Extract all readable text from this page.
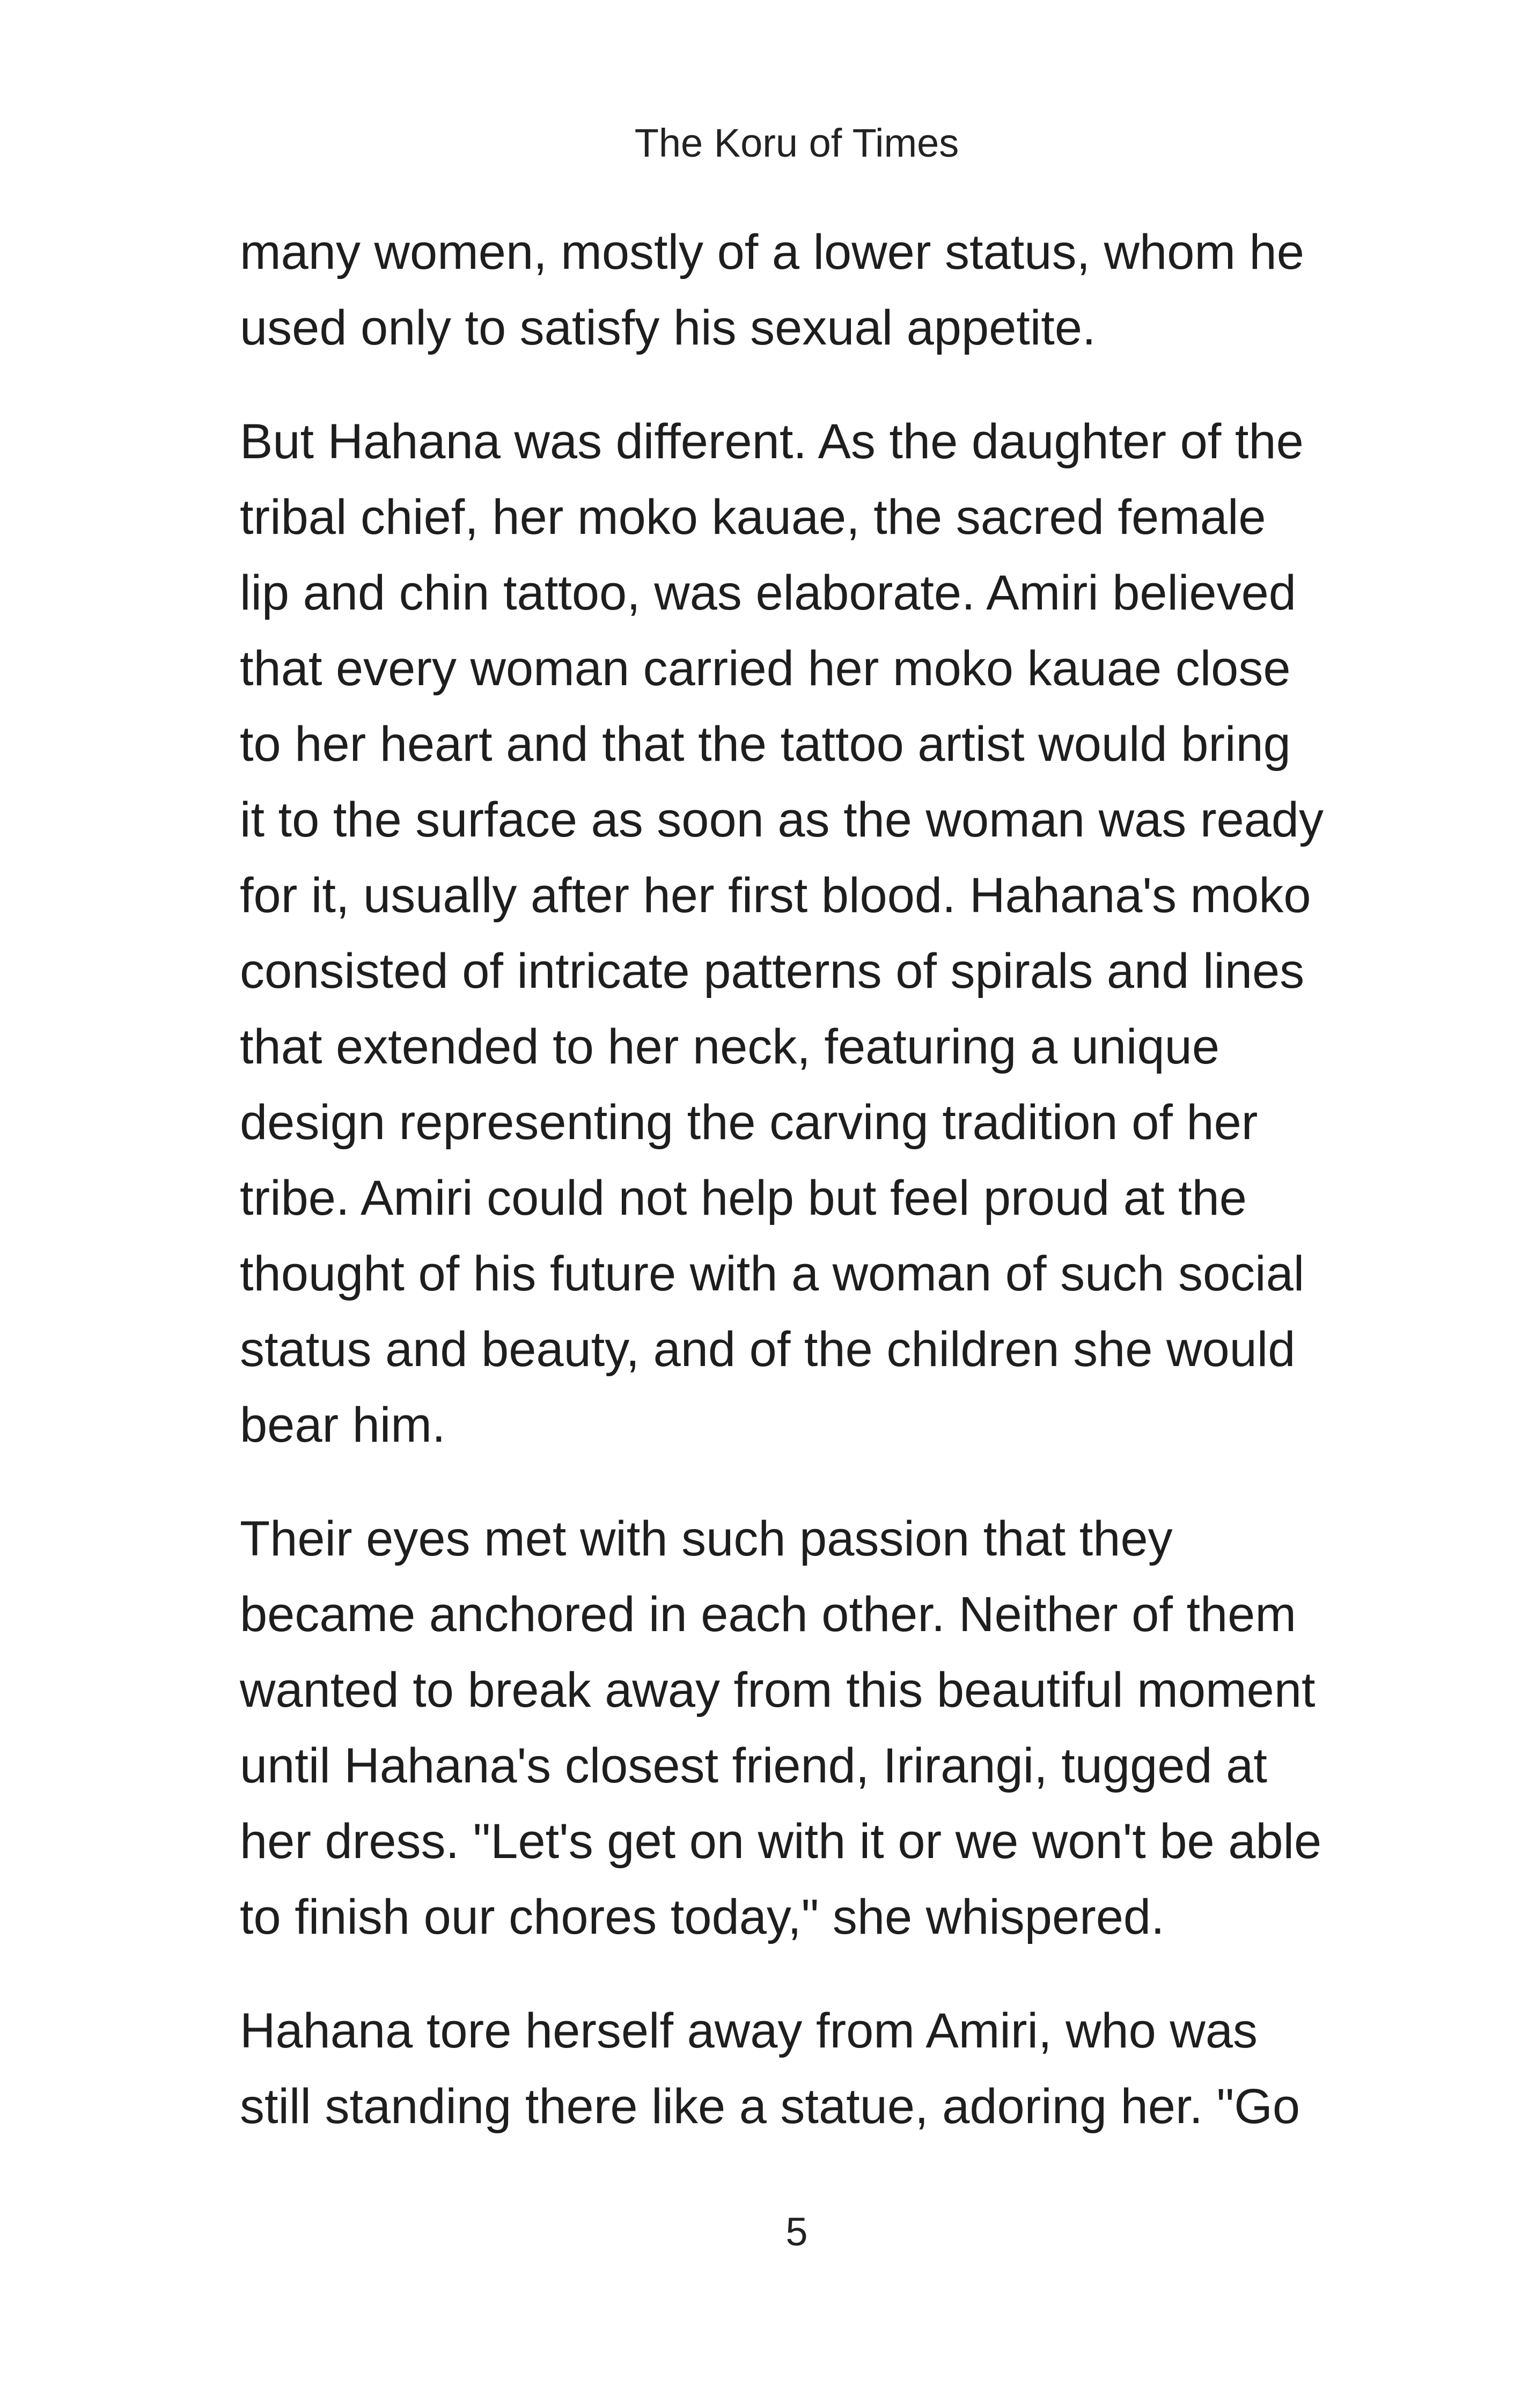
The Koru of Times

many women, mostly of a lower status, whom he
used only to satisfy his sexual appetite.

But Hahana was different. As the daughter of the
tribal chief, her moko kauae, the sacred female
lip and chin tattoo, was elaborate. Amiri believed
that every woman carried her moko kauae close
to her heart and that the tattoo artist would bring
it to the surface as soon as the woman was ready
for it, usually after her first blood. Hahana's moko
consisted of intricate patterns of spirals and lines
that extended to her neck, featuring a unique
design representing the carving tradition of her
tribe. Amiri could not help but feel proud at the
thought of his future with a woman of such social
status and beauty, and of the children she would
bear him.

Their eyes met with such passion that they
became anchored in each other. Neither of them
wanted to break away from this beautiful moment
until Hahana's closest friend, Irirangi, tugged at
her dress. "Let's get on with it or we won't be able
to finish our chores today," she whispered.

Hahana tore herself away from Amiri, who was
still standing there like a statue, adoring her. "Go

5
